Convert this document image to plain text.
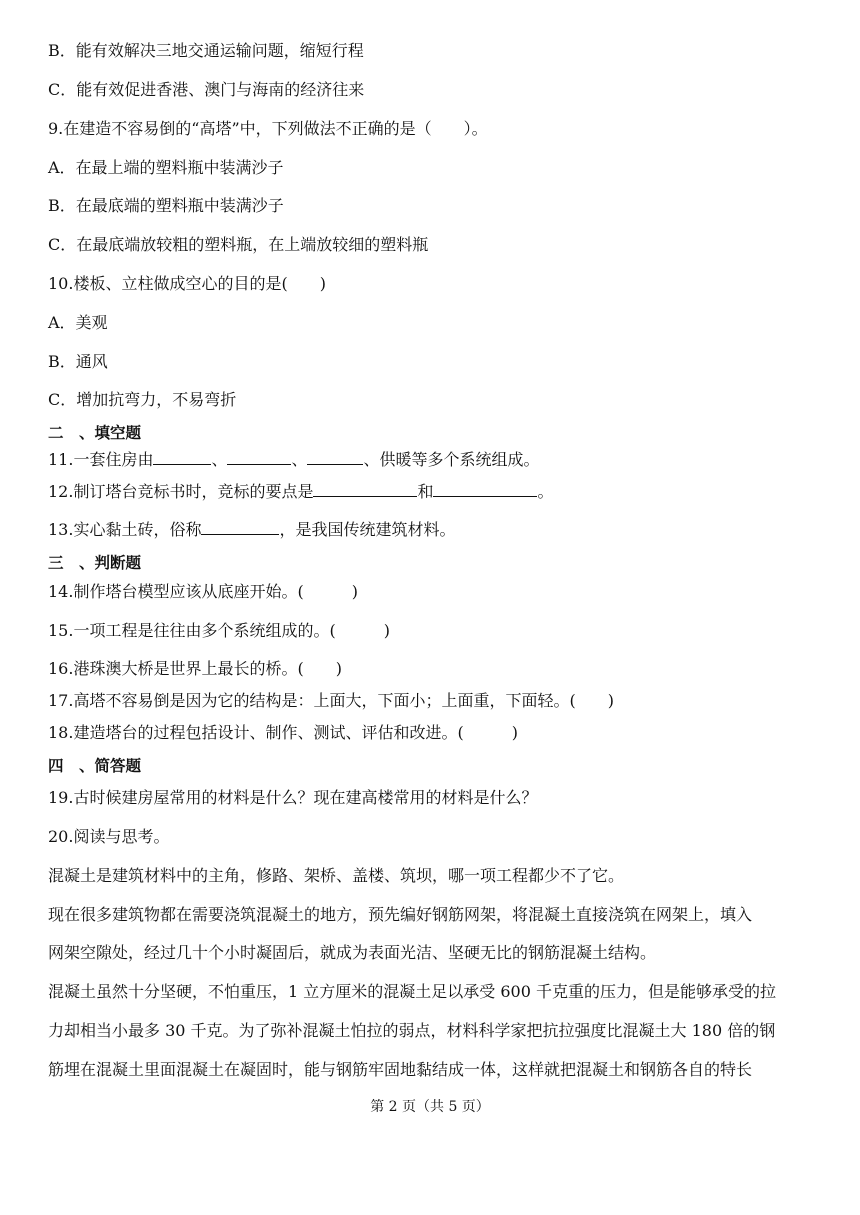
B．能有效解决三地交通运输问题，缩短行程
C．能有效促进香港、澳门与海南的经济往来
9.在建造不容易倒的“高塔”中，下列做法不正确的是（　　）。
A．在最上端的塑料瓶中装满沙子
B．在最底端的塑料瓶中装满沙子
C．在最底端放较粗的塑料瓶，在上端放较细的塑料瓶
10.楼板、立柱做成空心的目的是(　　)
A．美观
B．通风
C．增加抗弯力，不易弯折
二　、填空题
11.一套住房由	、	、	、供暖等多个系统组成。
12.制订塔台竞标书时，竞标的要点是	和	。
13.实心黏土砖，俗称	，是我国传统建筑材料。
三　、判断题
14.制作塔台模型应该从底座开始。(　　　)
15.一项工程是往往由多个系统组成的。(　　　)
16.港珠澳大桥是世界上最长的桥。(　　)
17.高塔不容易倒是因为它的结构是：上面大，下面小；上面重，下面轻。(　　)
18.建造塔台的过程包括设计、制作、测试、评估和改进。(　　　)
四　、简答题
19.古时候建房屋常用的材料是什么？现在建高楼常用的材料是什么？
20.阅读与思考。
混凝土是建筑材料中的主角，修路、架桥、盖楼、筑坝，哪一项工程都少不了它。
现在很多建筑物都在需要浇筑混凝土的地方，预先编好钢筋网架，将混凝土直接浇筑在网架上，填入
网架空隙处，经过几十个小时凝固后，就成为表面光洁、坚硬无比的钢筋混凝土结构。
混凝土虽然十分坚硬，不怕重压，1 立方厘米的混凝土足以承受 600 千克重的压力，但是能够承受的拉
力却相当小最多 30 千克。为了弥补混凝土怕拉的弱点，材料科学家把抗拉强度比混凝土大 180 倍的钢
筋埋在混凝土里面混凝土在凝固时，能与钢筋牢固地黏结成一体，这样就把混凝土和钢筋各自的特长
第 2 页（共 5 页）
